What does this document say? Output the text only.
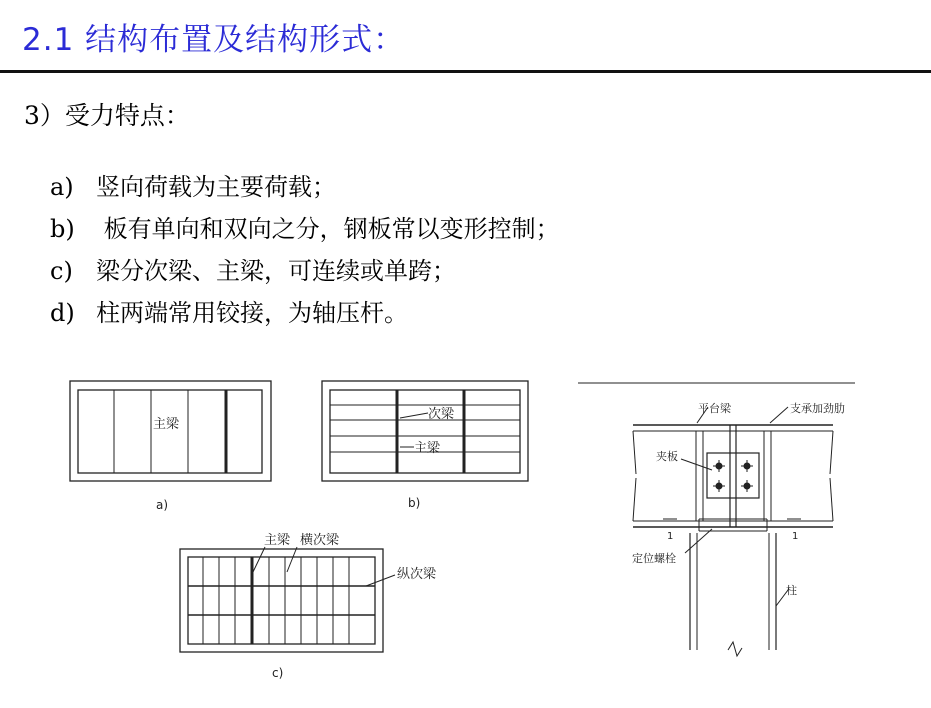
2.1 结构布置及结构形式：
3）受力特点：
a) 竖向荷载为主要荷载；
b) 板有单向和双向之分，钢板常以变形控制；
c) 梁分次梁、主梁，可连续或单跨；
d) 柱两端常用铰接，为轴压杆。
主梁
a)
次梁
主梁
b)
主梁 横次梁
纵次梁
c)
平台梁	支承加劲肋
夹板
定位螺栓
柱
1	1
